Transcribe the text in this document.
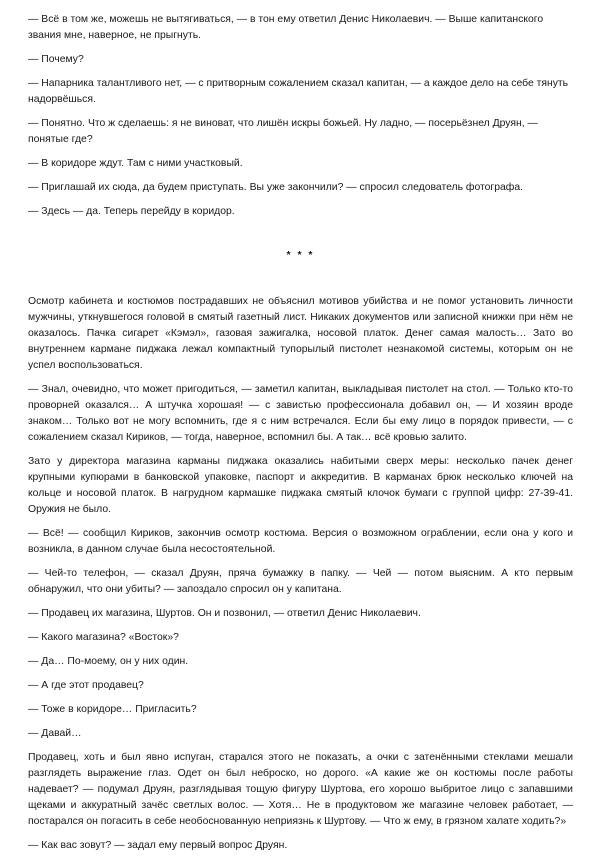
— Всё в том же, можешь не вытягиваться, — в тон ему ответил Денис Николаевич. — Выше капитанского звания мне, наверное, не прыгнуть.

— Почему?

— Напарника талантливого нет, — с притворным сожалением сказал капитан, — а каждое дело на себе тянуть надорвёшься.

— Понятно. Что ж сделаешь: я не виноват, что лишён искры божьей. Ну ладно, — посерьёзнел Друян, — понятые где?

— В коридоре ждут. Там с ними участковый.

— Приглашай их сюда, да будем приступать. Вы уже закончили? — спросил следователь фотографа.

— Здесь — да. Теперь перейду в коридор.

* * *

Осмотр кабинета и костюмов пострадавших не объяснил мотивов убийства и не помог установить личности мужчины, уткнувшегося головой в смятый газетный лист. Никаких документов или записной книжки при нём не оказалось. Пачка сигарет «Кэмэл», газовая зажигалка, носовой платок. Денег самая малость… Зато во внутреннем кармане пиджака лежал компактный тупорылый пистолет незнакомой системы, которым он не успел воспользоваться.

— Знал, очевидно, что может пригодиться, — заметил капитан, выкладывая пистолет на стол. — Только кто-то проворней оказался… А штучка хорошая! — с завистью профессионала добавил он, — И хозяин вроде знаком… Только вот не могу вспомнить, где я с ним встречался. Если бы ему лицо в порядок привести, — с сожалением сказал Кириков, — тогда, наверное, вспомнил бы. А так… всё кровью залито.

Зато у директора магазина карманы пиджака оказались набитыми сверх меры: несколько пачек денег крупными купюрами в банковской упаковке, паспорт и аккредитив. В карманах брюк несколько ключей на кольце и носовой платок. В нагрудном кармашке пиджака смятый клочок бумаги с группой цифр: 27-39-41. Оружия не было.

— Всё! — сообщил Кириков, закончив осмотр костюма. Версия о возможном ограблении, если она у кого и возникла, в данном случае была несостоятельной.

— Чей-то телефон, — сказал Друян, пряча бумажку в папку. — Чей — потом выясним. А кто первым обнаружил, что они убиты? — запоздало спросил он у капитана.

— Продавец их магазина, Шуртов. Он и позвонил, — ответил Денис Николаевич.

— Какого магазина? «Восток»?

— Да… По-моему, он у них один.

— А где этот продавец?

— Тоже в коридоре… Пригласить?

— Давай…

Продавец, хоть и был явно испуган, старался этого не показать, а очки с затенёнными стеклами мешали разглядеть выражение глаз. Одет он был неброско, но дорого. «А какие же он костюмы после работы надевает? — подумал Друян, разглядывая тощую фигуру Шуртова, его хорошо выбритое лицо с запавшими щеками и аккуратный зачёс светлых волос. — Хотя… Не в продуктовом же магазине человек работает, — постарался он погасить в себе необоснованную неприязнь к Шуртову. — Что ж ему, в грязном халате ходить?»

— Как вас зовут? — задал ему первый вопрос Друян.
